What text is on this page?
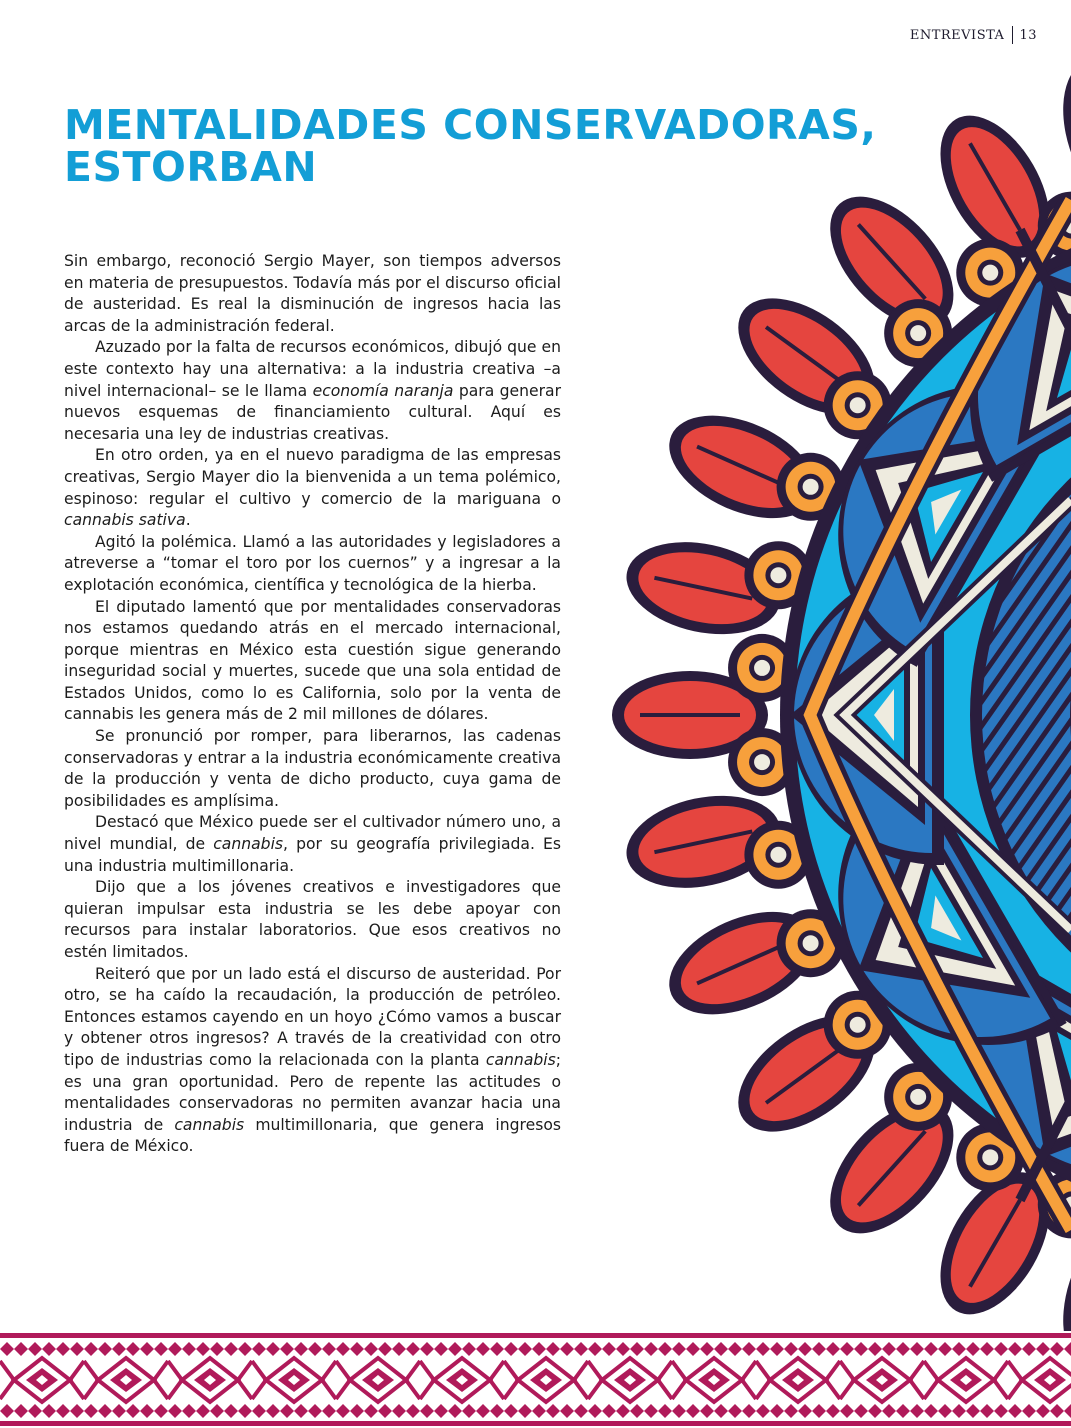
ENTREVISTA 13
MENTALIDADES CONSERVADORAS,
ESTORBAN

Sin embargo, reconoció Sergio Mayer, son tiempos adversos en materia de presupuestos. Todavía más por el discurso oficial de austeridad. Es real la disminución de ingresos hacia las arcas de la administración federal.

Azuzado por la falta de recursos económicos, dibujó que en este contexto hay una alternativa: a la industria creativa –a nivel internacional– se le llama economía naranja para generar nuevos esquemas de financiamiento cultural. Aquí es necesaria una ley de industrias creativas.

En otro orden, ya en el nuevo paradigma de las empresas creativas, Sergio Mayer dio la bienvenida a un tema polémico, espinoso: regular el cultivo y comercio de la mariguana o cannabis sativa.

Agitó la polémica. Llamó a las autoridades y legisladores a atreverse a “tomar el toro por los cuernos” y a ingresar a la explotación económica, científica y tecnológica de la hierba.

El diputado lamentó que por mentalidades conservadoras nos estamos quedando atrás en el mercado internacional, porque mientras en México esta cuestión sigue generando inseguridad social y muertes, sucede que una sola entidad de Estados Unidos, como lo es California, solo por la venta de cannabis les genera más de 2 mil millones de dólares.

Se pronunció por romper, para liberarnos, las cadenas conservadoras y entrar a la industria económicamente creativa de la producción y venta de dicho producto, cuya gama de posibilidades es amplísima.

Destacó que México puede ser el cultivador número uno, a nivel mundial, de cannabis, por su geografía privilegiada. Es una industria multimillonaria.

Dijo que a los jóvenes creativos e investigadores que quieran impulsar esta industria se les debe apoyar con recursos para instalar laboratorios. Que esos creativos no estén limitados.

Reiteró que por un lado está el discurso de austeridad. Por otro, se ha caído la recaudación, la producción de petróleo. Entonces estamos cayendo en un hoyo ¿Cómo vamos a buscar y obtener otros ingresos? A través de la creatividad con otro tipo de industrias como la relacionada con la planta cannabis; es una gran oportunidad. Pero de repente las actitudes o mentalidades conservadoras no permiten avanzar hacia una industria de cannabis multimillonaria, que genera ingresos fuera de México.
